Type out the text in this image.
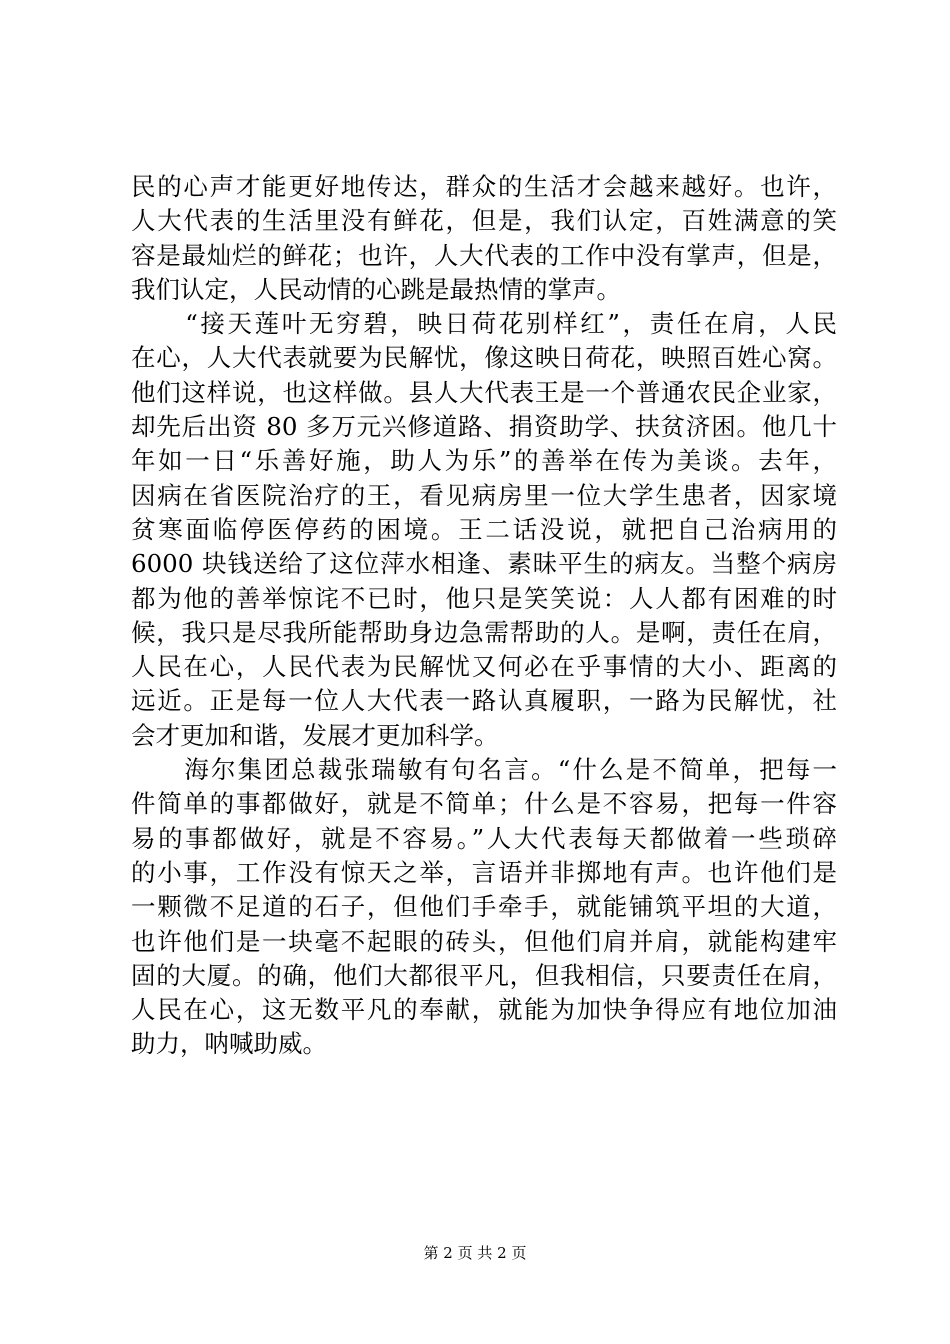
民的心声才能更好地传达，群众的生活才会越来越好。也许，
人大代表的生活里没有鲜花，但是，我们认定，百姓满意的笑
容是最灿烂的鲜花；也许，人大代表的工作中没有掌声，但是，
我们认定，人民动情的心跳是最热情的掌声。
　　“接天莲叶无穷碧，映日荷花别样红”，责任在肩，人民
在心，人大代表就要为民解忧，像这映日荷花，映照百姓心窝。
他们这样说，也这样做。县人大代表王是一个普通农民企业家，
却先后出资 80 多万元兴修道路、捐资助学、扶贫济困。他几十
年如一日“乐善好施，助人为乐”的善举在传为美谈。去年，
因病在省医院治疗的王，看见病房里一位大学生患者，因家境
贫寒面临停医停药的困境。王二话没说，就把自己治病用的
6000 块钱送给了这位萍水相逢、素昧平生的病友。当整个病房
都为他的善举惊诧不已时，他只是笑笑说：人人都有困难的时
候，我只是尽我所能帮助身边急需帮助的人。是啊，责任在肩，
人民在心，人民代表为民解忧又何必在乎事情的大小、距离的
远近。正是每一位人大代表一路认真履职，一路为民解忧，社
会才更加和谐，发展才更加科学。
　　海尔集团总裁张瑞敏有句名言。“什么是不简单，把每一
件简单的事都做好，就是不简单；什么是不容易，把每一件容
易的事都做好，就是不容易。”人大代表每天都做着一些琐碎
的小事，工作没有惊天之举，言语并非掷地有声。也许他们是
一颗微不足道的石子，但他们手牵手，就能铺筑平坦的大道，
也许他们是一块毫不起眼的砖头，但他们肩并肩，就能构建牢
固的大厦。的确，他们大都很平凡，但我相信，只要责任在肩，
人民在心，这无数平凡的奉献，就能为加快争得应有地位加油
助力，呐喊助威。
第 2 页 共 2 页
